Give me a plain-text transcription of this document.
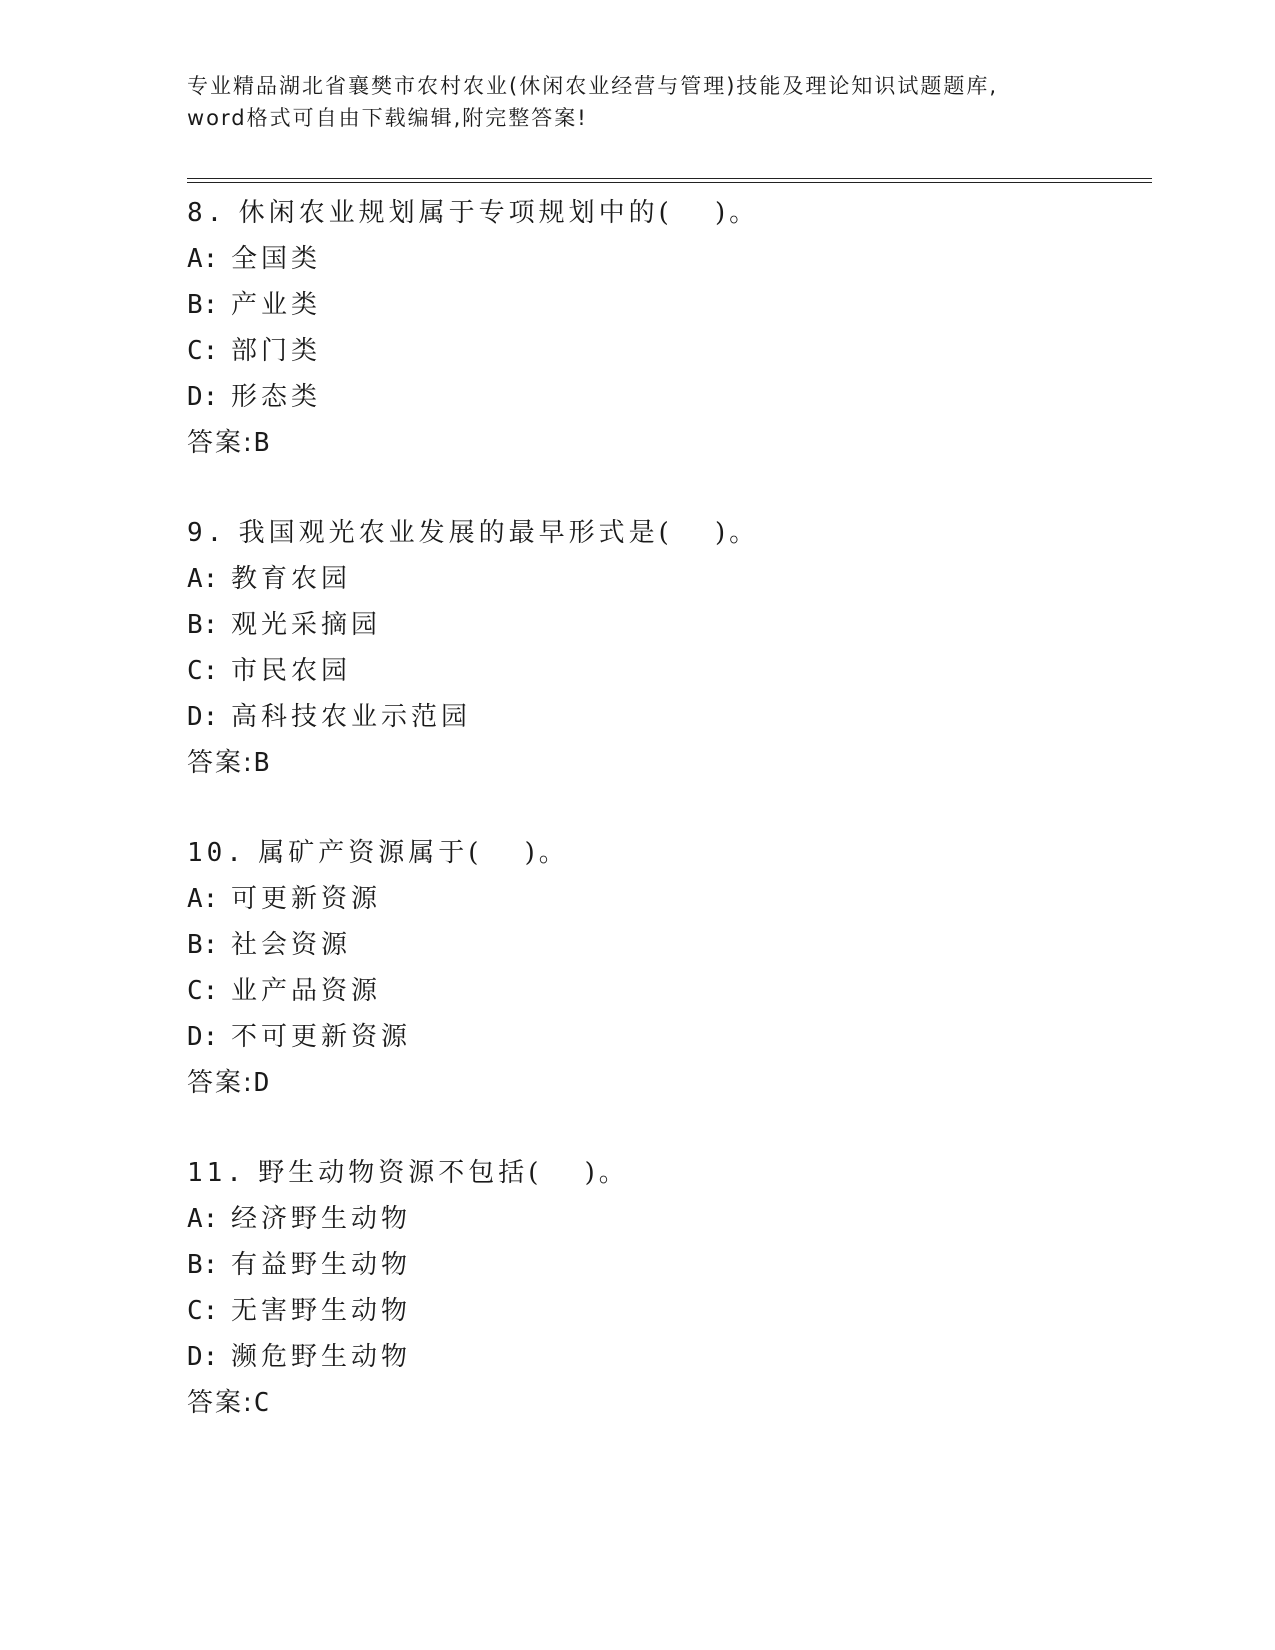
专业精品湖北省襄樊市农村农业(休闲农业经营与管理)技能及理论知识试题题库,
word格式可自由下载编辑,附完整答案!
8. 休闲农业规划属于专项规划中的(　 )。
A: 全国类
B: 产业类
C: 部门类
D: 形态类
答案:B
9. 我国观光农业发展的最早形式是(　 )。
A: 教育农园
B: 观光采摘园
C: 市民农园
D: 高科技农业示范园
答案:B
10. 属矿产资源属于(　 )。
A: 可更新资源
B: 社会资源
C: 业产品资源
D: 不可更新资源
答案:D
11. 野生动物资源不包括(　 )。
A: 经济野生动物
B: 有益野生动物
C: 无害野生动物
D: 濒危野生动物
答案:C
